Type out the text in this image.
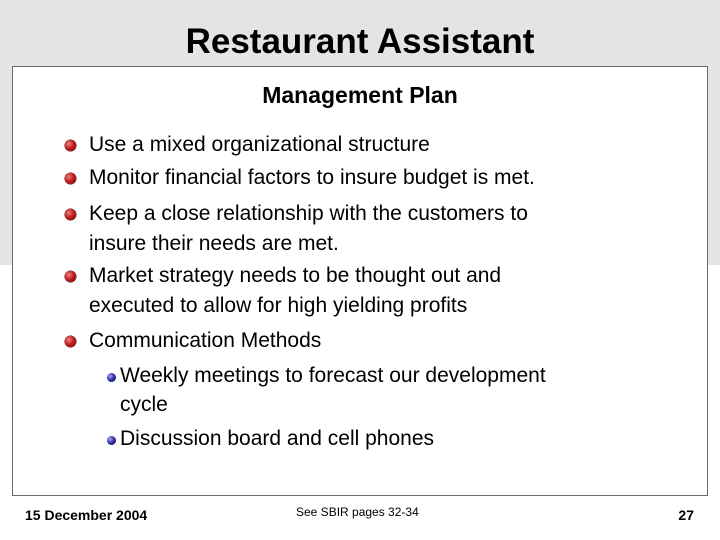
Restaurant Assistant
Management Plan
Use a mixed organizational structure
Monitor financial factors to insure budget is met.
Keep a close relationship with the customers to
insure their needs are met.
Market strategy needs to be thought out and
executed to allow for high yielding profits
Communication Methods
Weekly meetings to forecast our development
cycle
Discussion board and cell phones
15 December 2004	See SBIR pages 32-34	27
